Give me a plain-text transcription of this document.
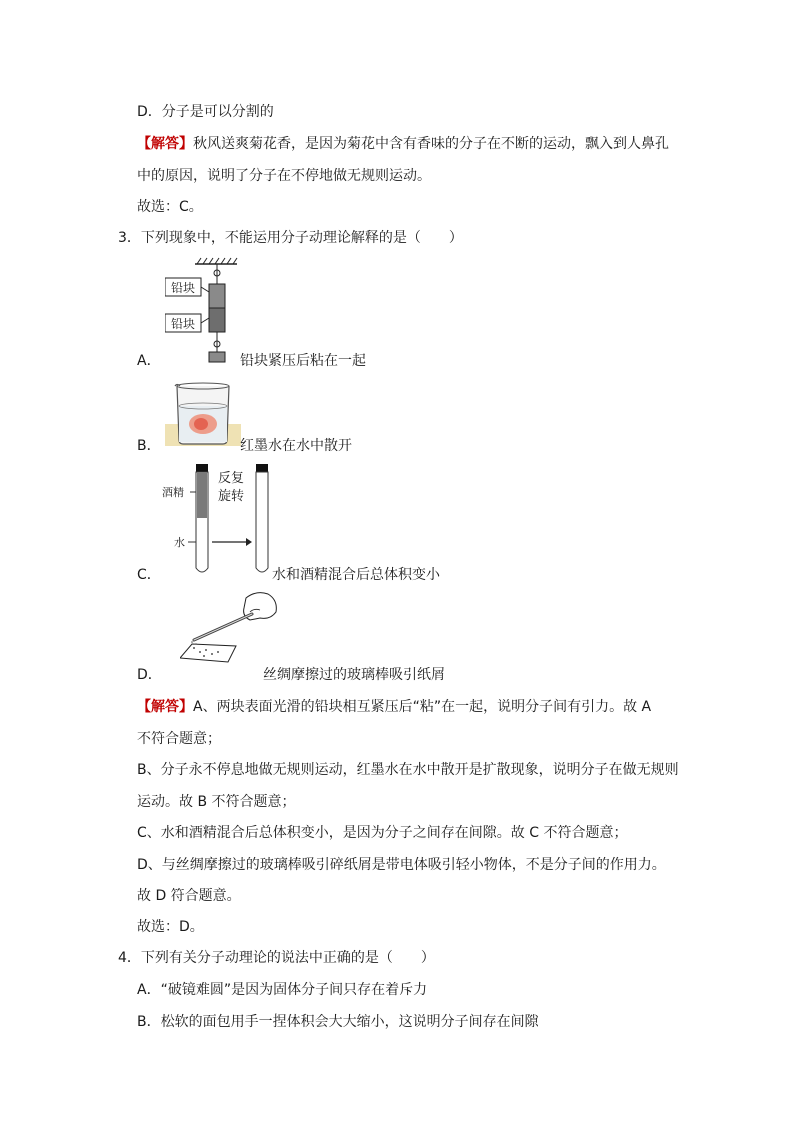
D．分子是可以分割的
【解答】秋风送爽菊花香，是因为菊花中含有香味的分子在不断的运动，飘入到人鼻孔
中的原因，说明了分子在不停地做无规则运动。
故选：C。
3．下列现象中，不能运用分子动理论解释的是（　　）
铅块
铅块
A．	铅块紧压后粘在一起
B．	红墨水在水中散开
酒精
水
反复
旋转
C．	水和酒精混合后总体积变小
D．	丝绸摩擦过的玻璃棒吸引纸屑
【解答】A、两块表面光滑的铅块相互紧压后“粘”在一起，说明分子间有引力。故 A
不符合题意；
B、分子永不停息地做无规则运动，红墨水在水中散开是扩散现象，说明分子在做无规则
运动。故 B 不符合题意；
C、水和酒精混合后总体积变小，是因为分子之间存在间隙。故 C 不符合题意；
D、与丝绸摩擦过的玻璃棒吸引碎纸屑是带电体吸引轻小物体，不是分子间的作用力。
故 D 符合题意。
故选：D。
4．下列有关分子动理论的说法中正确的是（　　）
A．“破镜难圆”是因为固体分子间只存在着斥力
B．松软的面包用手一捏体积会大大缩小，这说明分子间存在间隙
